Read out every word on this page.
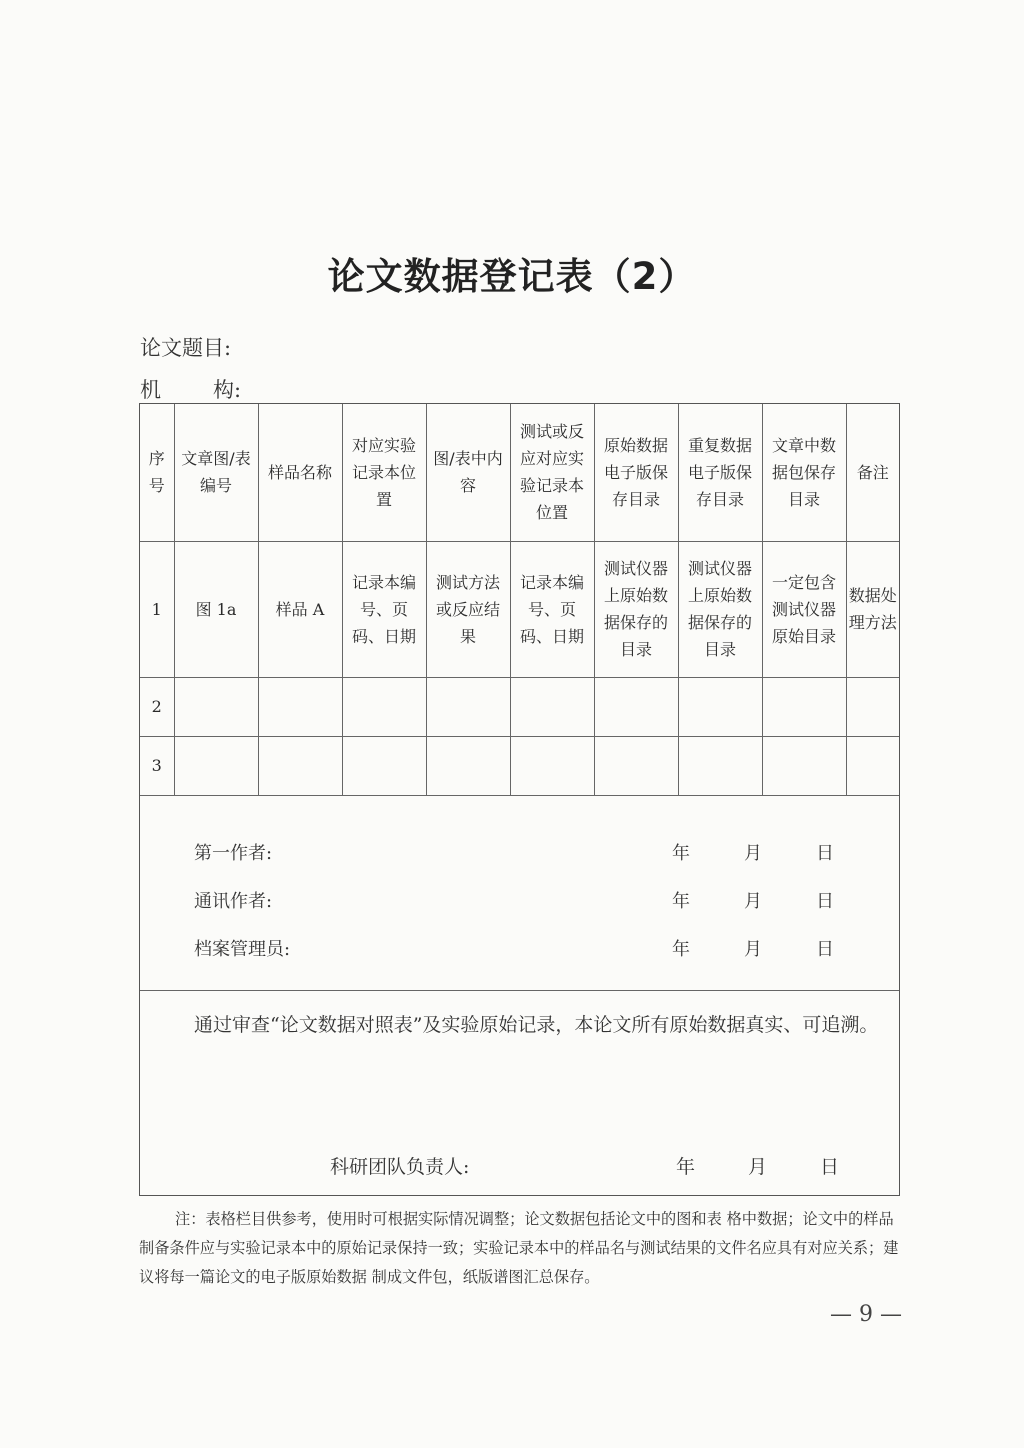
论文数据登记表（2）
论文题目:
机构:
序号	文章图/表编号	样品名称	对应实验记录本位置	图/表中内容	测试或反应对应实验记录本位置	原始数据电子版保存目录	重复数据电子版保存目录	文章中数据包保存目录	备注
1	图 1a	样品 A	记录本编号、页码、日期	测试方法或反应结果	记录本编号、页码、日期	测试仪器上原始数据保存的目录	测试仪器上原始数据保存的目录	一定包含测试仪器原始目录	数据处理方法
2									
3									
第一作者:	年	月	日
通讯作者:	年	月	日
档案管理员:	年	月	日
通过审查“论文数据对照表”及实验原始记录，本论文所有原始数据真实、可追溯。
科研团队负责人:	年	月	日
注：表格栏目供参考，使用时可根据实际情况调整；论文数据包括论文中的图和表 格中数据；论文中的样品制备条件应与实验记录本中的原始记录保持一致；实验记录本中的样品名与测试结果的文件名应具有对应关系；建议将每一篇论文的电子版原始数据 制成文件包，纸版谱图汇总保存。
— 9 —
